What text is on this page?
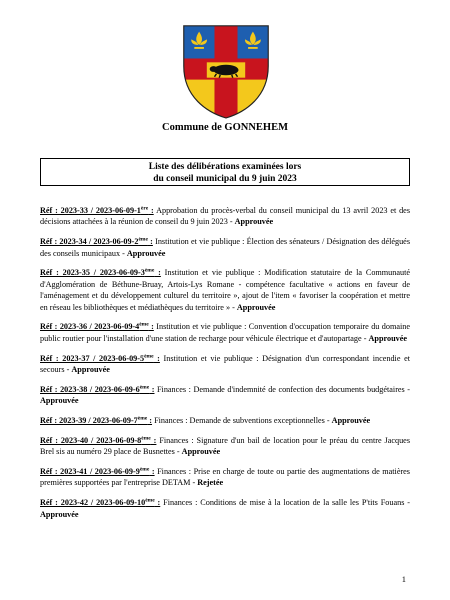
Commune de GONNEHEM
Liste des délibérations examinées lors
du conseil municipal du 9 juin 2023
Réf : 2023-33 / 2023-06-09-1ère : Approbation du procès-verbal du conseil municipal du 13 avril 2023 et des décisions attachées à la réunion de conseil du 9 juin 2023 - Approuvée
Réf : 2023-34 / 2023-06-09-2ème : Institution et vie publique : Élection des sénateurs / Désignation des délégués des conseils municipaux - Approuvée
Réf : 2023-35 / 2023-06-09-3ème : Institution et vie publique : Modification statutaire de la Communauté d'Agglomération de Béthune-Bruay, Artois-Lys Romane - compétence facultative « actions en faveur de l'aménagement et du développement culturel du territoire », ajout de l'item « favoriser la coopération et mettre en réseau les bibliothèques et médiathèques du territoire » - Approuvée
Réf : 2023-36 / 2023-06-09-4ème : Institution et vie publique : Convention d'occupation temporaire du domaine public routier pour l'installation d'une station de recharge pour véhicule électrique et d'autopartage - Approuvée
Réf : 2023-37 / 2023-06-09-5ème : Institution et vie publique : Désignation d'un correspondant incendie et secours - Approuvée
Réf : 2023-38 / 2023-06-09-6ème : Finances : Demande d'indemnité de confection des documents budgétaires - Approuvée
Réf : 2023-39 / 2023-06-09-7ème : Finances : Demande de subventions exceptionnelles - Approuvée
Réf : 2023-40 / 2023-06-09-8ème : Finances : Signature d'un bail de location pour le préau du centre Jacques Brel sis au numéro 29 place de Busnettes - Approuvée
Réf : 2023-41 / 2023-06-09-9ème : Finances : Prise en charge de toute ou partie des augmentations de matières premières supportées par l'entreprise DETAM - Rejetée
Réf : 2023-42 / 2023-06-09-10ème : Finances : Conditions de mise à la location de la salle les P'tits Fouans - Approuvée
1
